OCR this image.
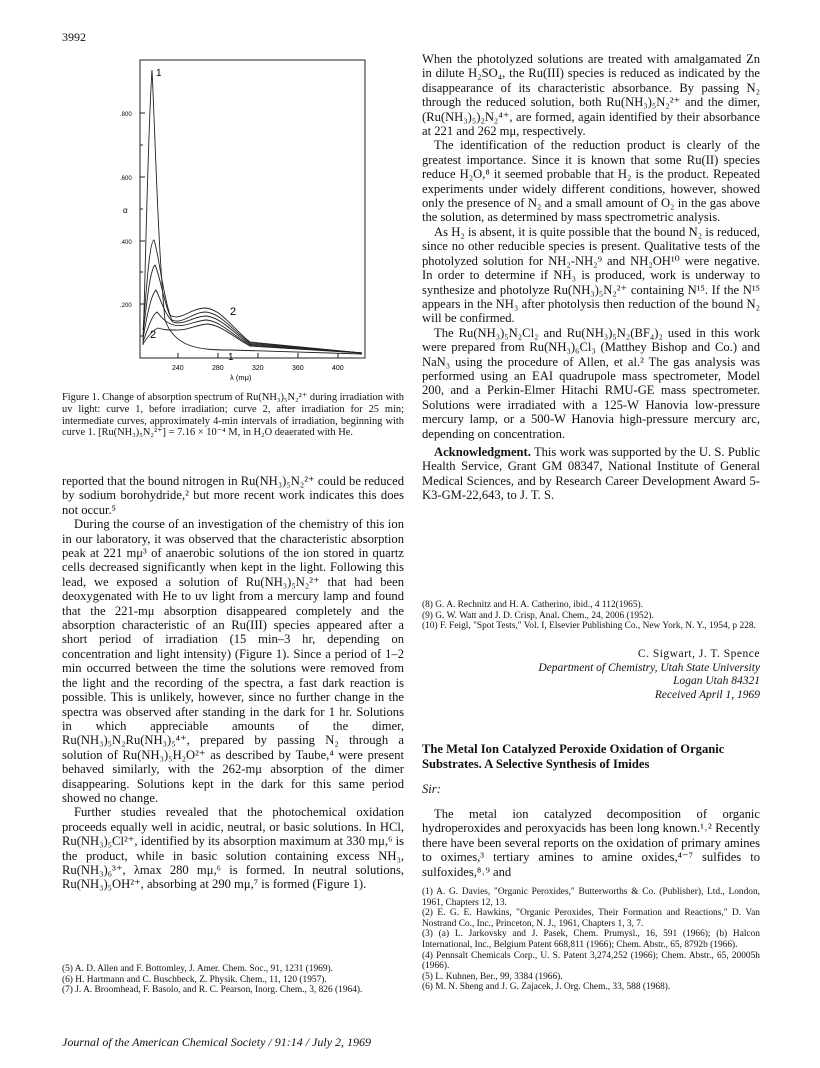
3992
.800
.600
.400
.200
α
240	280	320	360	400
λ (mμ)
1
2
2
1
Figure 1. Change of absorption spectrum of Ru(NH₃)₅N₂²⁺ during irradiation with uv light: curve 1, before irradiation; curve 2, after irradiation for 25 min; intermediate curves, approximately 4-min intervals of irradiation, beginning with curve 1. [Ru(NH₃)₅N₂²⁺] = 7.16 × 10⁻⁴ M, in H₂O deaerated with He.

reported that the bound nitrogen in Ru(NH₃)₅N₂²⁺ could be reduced by sodium borohydride,² but more recent work indicates this does not occur.⁵

During the course of an investigation of the chemistry of this ion in our laboratory, it was observed that the characteristic absorption peak at 221 mμ³ of anaerobic solutions of the ion stored in quartz cells decreased significantly when kept in the light. Following this lead, we exposed a solution of Ru(NH₃)₅N₂²⁺ that had been deoxygenated with He to uv light from a mercury lamp and found that the 221-mμ absorption disappeared completely and the absorption characteristic of an Ru(III) species appeared after a short period of irradiation (15 min–3 hr, depending on concentration and light intensity) (Figure 1). Since a period of 1–2 min occurred between the time the solutions were removed from the light and the recording of the spectra, a fast dark reaction is possible. This is unlikely, however, since no further change in the spectra was observed after standing in the dark for 1 hr. Solutions in which appreciable amounts of the dimer, Ru(NH₃)₅N₂Ru(NH₃)₅⁴⁺, prepared by passing N₂ through a solution of Ru(NH₃)₅H₂O²⁺ as described by Taube,⁴ were present behaved similarly, with the 262-mμ absorption of the dimer disappearing. Solutions kept in the dark for this same period showed no change.

Further studies revealed that the photochemical oxidation proceeds equally well in acidic, neutral, or basic solutions. In HCl, Ru(NH₃)₅Cl²⁺, identified by its absorption maximum at 330 mμ,⁶ is the product, while in basic solution containing excess NH₃, Ru(NH₃)₆³⁺, λmax 280 mμ,⁶ is formed. In neutral solutions, Ru(NH₃)₅OH²⁺, absorbing at 290 mμ,⁷ is formed (Figure 1).

(5) A. D. Allen and F. Bottomley, J. Amer. Chem. Soc., 91, 1231 (1969).
(6) H. Hartmann and C. Buschbeck, Z. Physik. Chem., 11, 120 (1957).
(7) J. A. Broomhead, F. Basolo, and R. C. Pearson, Inorg. Chem., 3, 826 (1964).

When the photolyzed solutions are treated with amalgamated Zn in dilute H₂SO₄, the Ru(III) species is reduced as indicated by the disappearance of its characteristic absorbance. By passing N₂ through the reduced solution, both Ru(NH₃)₅N₂²⁺ and the dimer, (Ru(NH₃)₅)₂N₂⁴⁺, are formed, again identified by their absorbance at 221 and 262 mμ, respectively.

The identification of the reduction product is clearly of the greatest importance. Since it is known that some Ru(II) species reduce H₂O,⁸ it seemed probable that H₂ is the product. Repeated experiments under widely different conditions, however, showed only the presence of N₂ and a small amount of O₂ in the gas above the solution, as determined by mass spectrometric analysis.

As H₂ is absent, it is quite possible that the bound N₂ is reduced, since no other reducible species is present. Qualitative tests of the photolyzed solution for NH₂-NH₂⁹ and NH₂OH¹⁰ were negative. In order to determine if NH₃ is produced, work is underway to synthesize and photolyze Ru(NH₃)₅N₂²⁺ containing N¹⁵. If the N¹⁵ appears in the NH₃ after photolysis then reduction of the bound N₂ will be confirmed.

The Ru(NH₃)₅N₂Cl₂ and Ru(NH₃)₅N₂(BF₄)₂ used in this work were prepared from Ru(NH₃)₆Cl₃ (Matthey Bishop and Co.) and NaN₃ using the procedure of Allen, et al.² The gas analysis was performed using an EAI quadrupole mass spectrometer, Model 200, and a Perkin-Elmer Hitachi RMU-GE mass spectrometer. Solutions were irradiated with a 125-W Hanovia low-pressure mercury lamp, or a 500-W Hanovia high-pressure mercury arc, depending on concentration.

Acknowledgment. This work was supported by the U. S. Public Health Service, Grant GM 08347, National Institute of General Medical Sciences, and by Research Career Development Award 5-K3-GM-22,643, to J. T. S.

(8) G. A. Rechnitz and H. A. Catherino, ibid., 4 112(1965).
(9) G. W. Watt and J. D. Crisp, Anal. Chem., 24, 2006 (1952).
(10) F. Feigl, "Spot Tests," Vol. I, Elsevier Publishing Co., New York, N. Y., 1954, p 228.
C. Sigwart, J. T. Spence
Department of Chemistry, Utah State University
Logan Utah 84321
Received April 1, 1969
The Metal Ion Catalyzed Peroxide Oxidation of Organic Substrates. A Selective Synthesis of Imides
Sir:

The metal ion catalyzed decomposition of organic hydroperoxides and peroxyacids has been long known.¹˒² Recently there have been several reports on the oxidation of primary amines to oximes,³ tertiary amines to amine oxides,⁴⁻⁷ sulfides to sulfoxides,⁸˒⁹ and

(1) A. G. Davies, "Organic Peroxides," Butterworths & Co. (Publisher), Ltd., London, 1961, Chapters 12, 13.
(2) E. G. E. Hawkins, "Organic Peroxides, Their Formation and Reactions," D. Van Nostrand Co., Inc., Princeton, N. J., 1961, Chapters 1, 3, 7.
(3) (a) L. Jarkovsky and J. Pasek, Chem. Prumysl., 16, 591 (1966); (b) Halcon International, Inc., Belgium Patent 668,811 (1966); Chem. Abstr., 65, 8792b (1966).
(4) Pennsalt Chemicals Corp., U. S. Patent 3,274,252 (1966); Chem. Abstr., 65, 20005h (1966).
(5) L. Kuhnen, Ber., 99, 3384 (1966).
(6) M. N. Sheng and J. G. Zajacek, J. Org. Chem., 33, 588 (1968).
Journal of the American Chemical Society / 91:14 / July 2, 1969
